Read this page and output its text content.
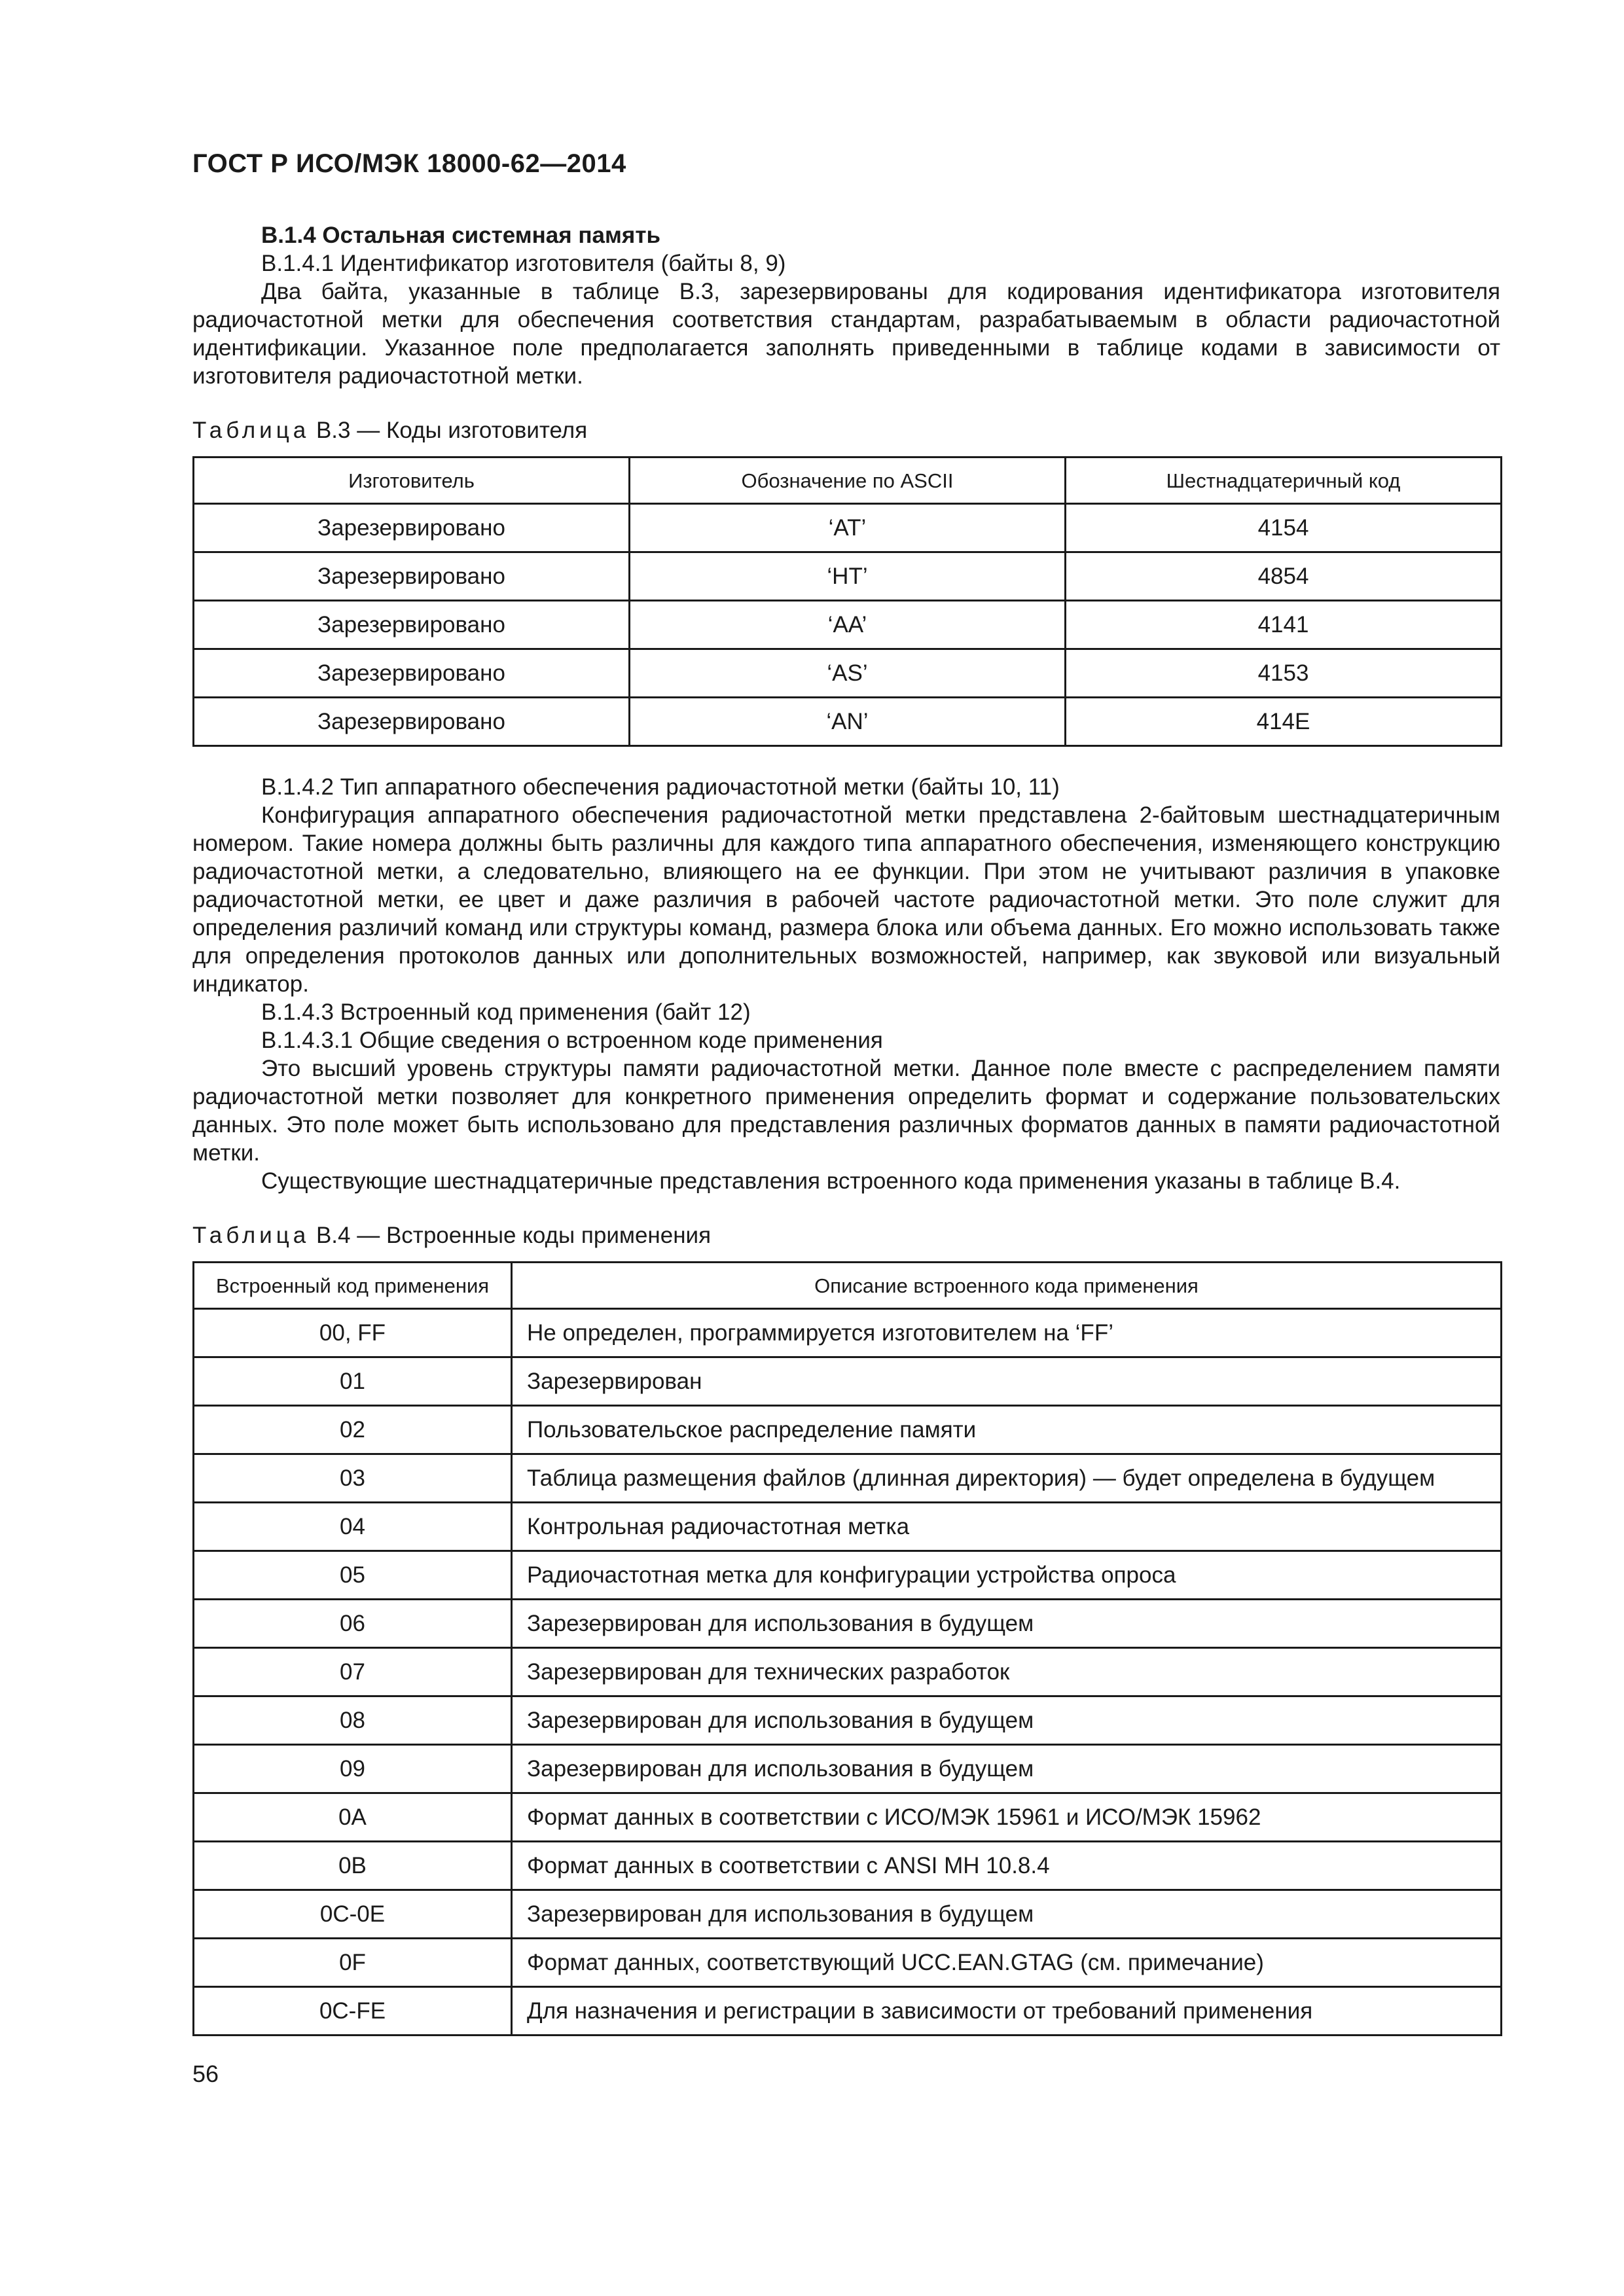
ГОСТ Р ИСО/МЭК 18000-62—2014

В.1.4 Остальная системная память

В.1.4.1 Идентификатор изготовителя (байты 8, 9)

Два байта, указанные в таблице В.3, зарезервированы для кодирования идентификатора изготовителя радиочастотной метки для обеспечения соответствия стандартам, разрабатываемым в области радиочастотной идентификации. Указанное поле предполагается заполнять приведенными в таблице кодами в зависимости от изготовителя радиочастотной метки.

Таблица В.3 — Коды изготовителя

Изготовитель	Обозначение по ASCII	Шестнадцатеричный код
Зарезервировано	‘AT’	4154
Зарезервировано	‘HT’	4854
Зарезервировано	‘AA’	4141
Зарезервировано	‘AS’	4153
Зарезервировано	‘AN’	414E

В.1.4.2 Тип аппаратного обеспечения радиочастотной метки (байты 10, 11)

Конфигурация аппаратного обеспечения радиочастотной метки представлена 2-байтовым шестнадцатеричным номером. Такие номера должны быть различны для каждого типа аппаратного обеспечения, изменяющего конструкцию радиочастотной метки, а следовательно, влияющего на ее функции. При этом не учитывают различия в упаковке радиочастотной метки, ее цвет и даже различия в рабочей частоте радиочастотной метки. Это поле служит для определения различий команд или структуры команд, размера блока или объема данных. Его можно использовать также для определения протоколов данных или дополнительных возможностей, например, как звуковой или визуальный индикатор.

В.1.4.3 Встроенный код применения (байт 12)

В.1.4.3.1 Общие сведения о встроенном коде применения

Это высший уровень структуры памяти радиочастотной метки. Данное поле вместе с распределением памяти радиочастотной метки позволяет для конкретного применения определить формат и содержание пользовательских данных. Это поле может быть использовано для представления различных форматов данных в памяти радиочастотной метки.

Существующие шестнадцатеричные представления встроенного кода применения указаны в таблице В.4.

Таблица В.4 — Встроенные коды применения

Встроенный код применения	Описание встроенного кода применения
00, FF	Не определен, программируется изготовителем на ‘FF’
01	Зарезервирован
02	Пользовательское распределение памяти
03	Таблица размещения файлов (длинная директория) — будет определена в будущем
04	Контрольная радиочастотная метка
05	Радиочастотная метка для конфигурации устройства опроса
06	Зарезервирован для использования в будущем
07	Зарезервирован для технических разработок
08	Зарезервирован для использования в будущем
09	Зарезервирован для использования в будущем
0A	Формат данных в соответствии с ИСО/МЭК 15961 и ИСО/МЭК 15962
0B	Формат данных в соответствии с ANSI MH 10.8.4
0C-0E	Зарезервирован для использования в будущем
0F	Формат данных, соответствующий UCC.EAN.GTAG (см. примечание)
0C-FE	Для назначения и регистрации в зависимости от требований применения
56
